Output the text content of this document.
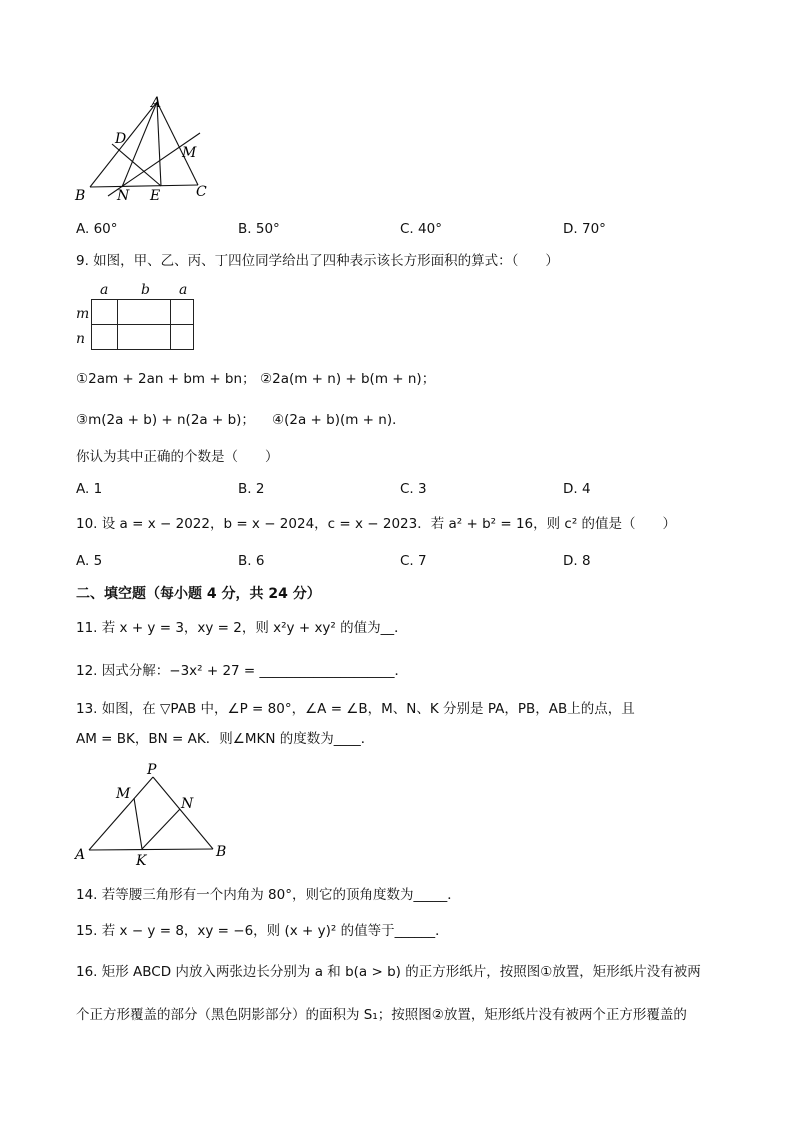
A
D
M
B N E	C
A. 60°	B. 50°	C. 40°	D. 70°
9. 如图，甲、乙、丙、丁四位同学给出了四种表示该长方形面积的算式：（　　）
a b a
m
n
①2am + 2an + bm + bn； ②2a(m + n) + b(m + n)；
③m(2a + b) + n(2a + b)； ④(2a + b)(m + n)．
你认为其中正确的个数是（　　）
A. 1	B. 2	C. 3	D. 4
10. 设 a = x − 2022，b = x − 2024，c = x − 2023．若 a² + b² = 16，则 c² 的值是（　　）
A. 5	B. 6	C. 7	D. 8
二、填空题（每小题 4 分，共 24 分）
11. 若 x + y = 3，xy = 2，则 x²y + xy² 的值为__．
12. 因式分解：−3x² + 27 = ____________________．
13. 如图，在 ▽PAB 中，∠P = 80°，∠A = ∠B，M、N、K 分别是 PA，PB，AB上的点，且
AM = BK，BN = AK．则∠MKN 的度数为____．
P
M
N
A	K
B
14. 若等腰三角形有一个内角为 80°，则它的顶角度数为_____．
15. 若 x − y = 8，xy = −6，则 (x + y)² 的值等于______．
16. 矩形 ABCD 内放入两张边长分别为 a 和 b(a > b) 的正方形纸片，按照图①放置，矩形纸片没有被两
个正方形覆盖的部分（黑色阴影部分）的面积为 S₁；按照图②放置，矩形纸片没有被两个正方形覆盖的
